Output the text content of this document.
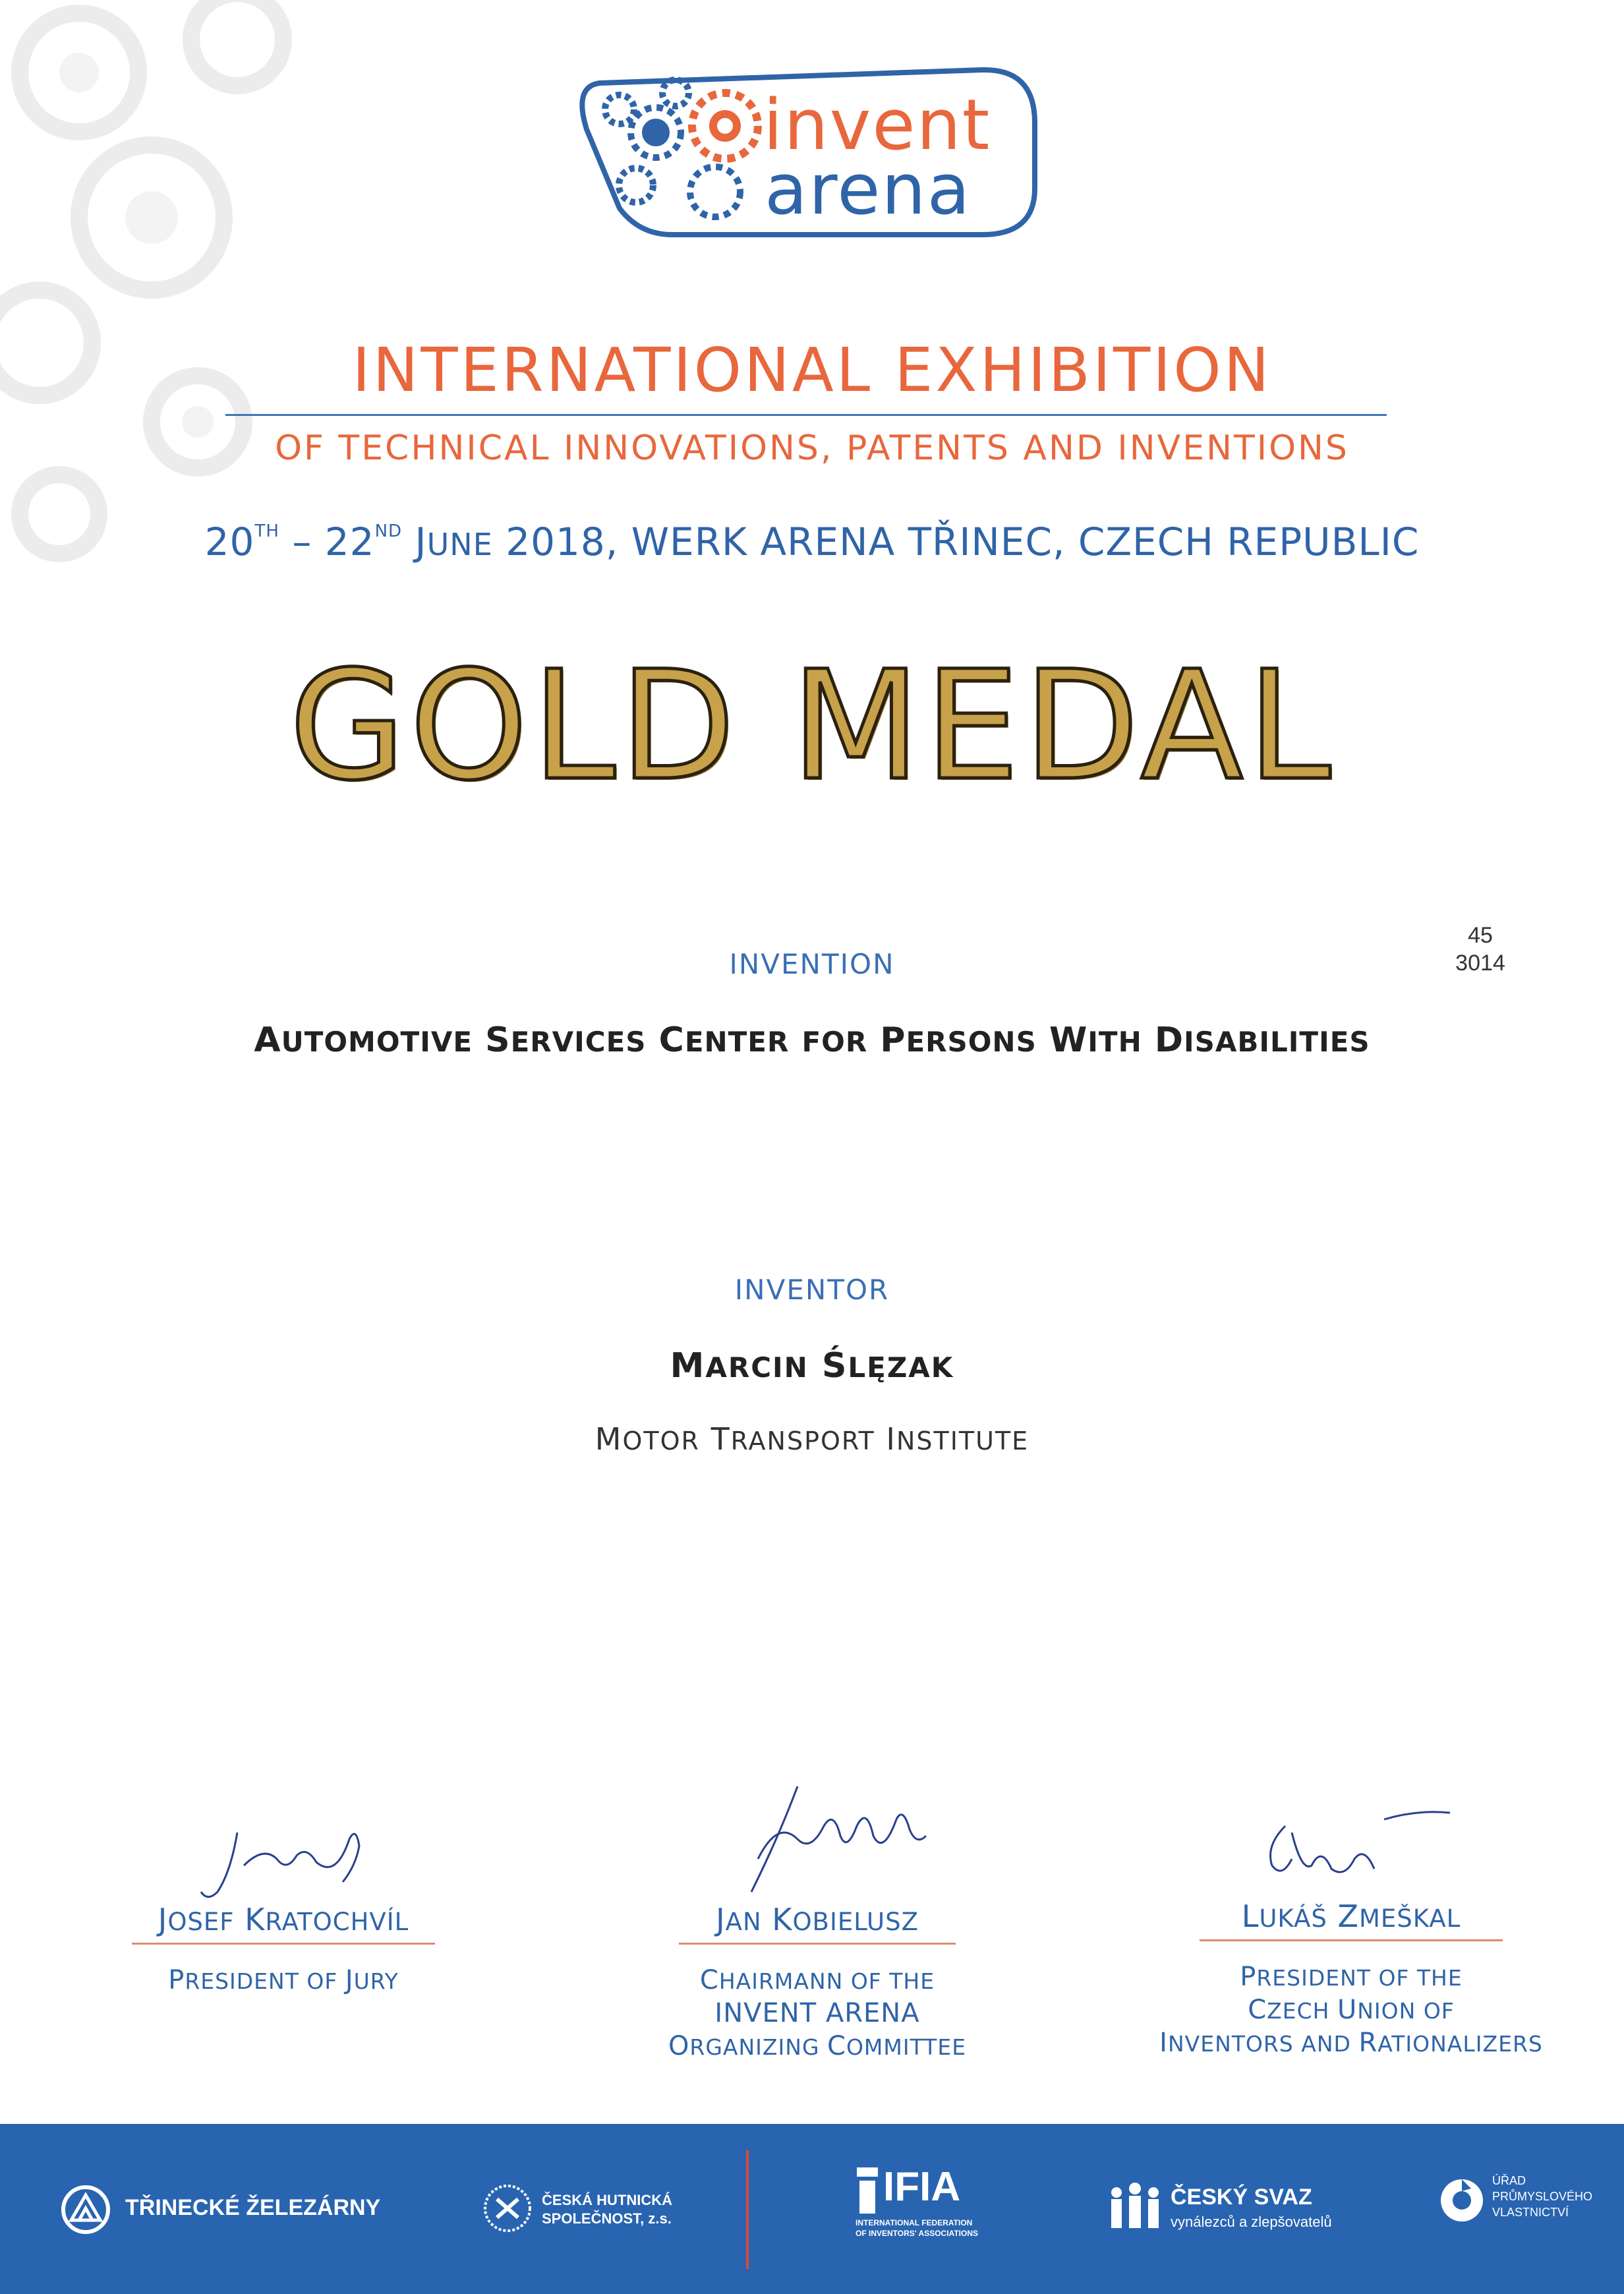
invent
arena
INTERNATIONAL EXHIBITION
OF TECHNICAL INNOVATIONS, PATENTS AND INVENTIONS
20TH – 22ND JUNE 2018, WERK ARENA TŘINEC, CZECH REPUBLIC
GOLD MEDAL
45
3014
INVENTION
AUTOMOTIVE SERVICES CENTER FOR PERSONS WITH DISABILITIES
INVENTOR
MARCIN ŚLĘZAK
MOTOR TRANSPORT INSTITUTE
JOSEF KRATOCHVÍL
PRESIDENT OF JURY
JAN KOBIELUSZ
CHAIRMANN OF THE
INVENT ARENA
ORGANIZING COMMITTEE
LUKÁŠ ZMEŠKAL
PRESIDENT OF THE
CZECH UNION OF
INVENTORS AND RATIONALIZERS
TŘINECKÉ ŽELEZÁRNY	ČESKÁ HUTNICKÁ
SPOLEČNOST, z.s.
IFIA
INTERNATIONAL FEDERATION
OF INVENTORS' ASSOCIATIONS
ČESKÝ SVAZ
vynálezců a zlepšovatelů
ÚŘAD
PRŮMYSLOVÉHO
VLASTNICTVÍ
